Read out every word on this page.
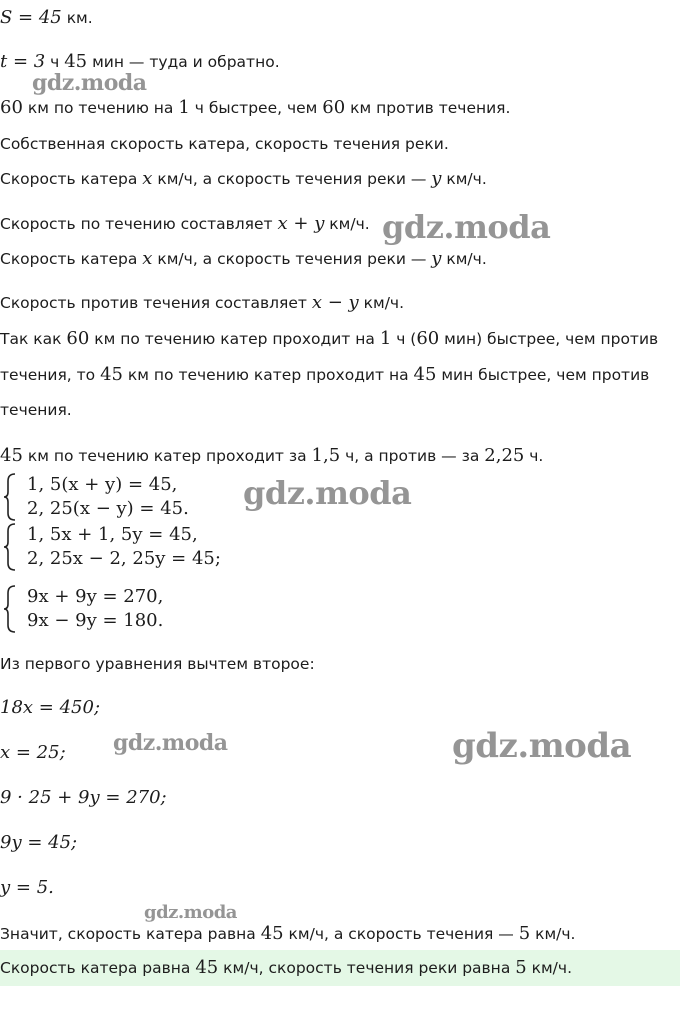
gdz.moda
gdz.moda
gdz.moda
gdz.moda	gdz.moda
gdz.moda
S = 45 км.
t = 3 ч 45 мин — туда и обратно.
60 км по течению на 1 ч быстрее, чем 60 км против течения.
Собственная скорость катера, скорость течения реки.
Скорость катера x км/ч, а скорость течения реки — y км/ч.
Скорость по течению составляет x + y км/ч.
Скорость катера x км/ч, а скорость течения реки — y км/ч.
Скорость против течения составляет x − y км/ч.
Так как 60 км по течению катер проходит на 1 ч (60 мин) быстрее, чем против
течения, то 45 км по течению катер проходит на 45 мин быстрее, чем против
течения.
45 км по течению катер проходит за 1,5 ч, а против — за 2,25 ч.
1, 5(x + y) = 45,
2, 25(x − y) = 45.
1, 5x + 1, 5y = 45,
2, 25x − 2, 25y = 45;
9x + 9y = 270,
9x − 9y = 180.
Из первого уравнения вычтем второе:
18x = 450;
x = 25;
9 · 25 + 9y = 270;
9y = 45;
y = 5.
Значит, скорость катера равна 45 км/ч, а скорость течения — 5 км/ч.
Скорость катера равна 45 км/ч, скорость течения реки равна 5 км/ч.
